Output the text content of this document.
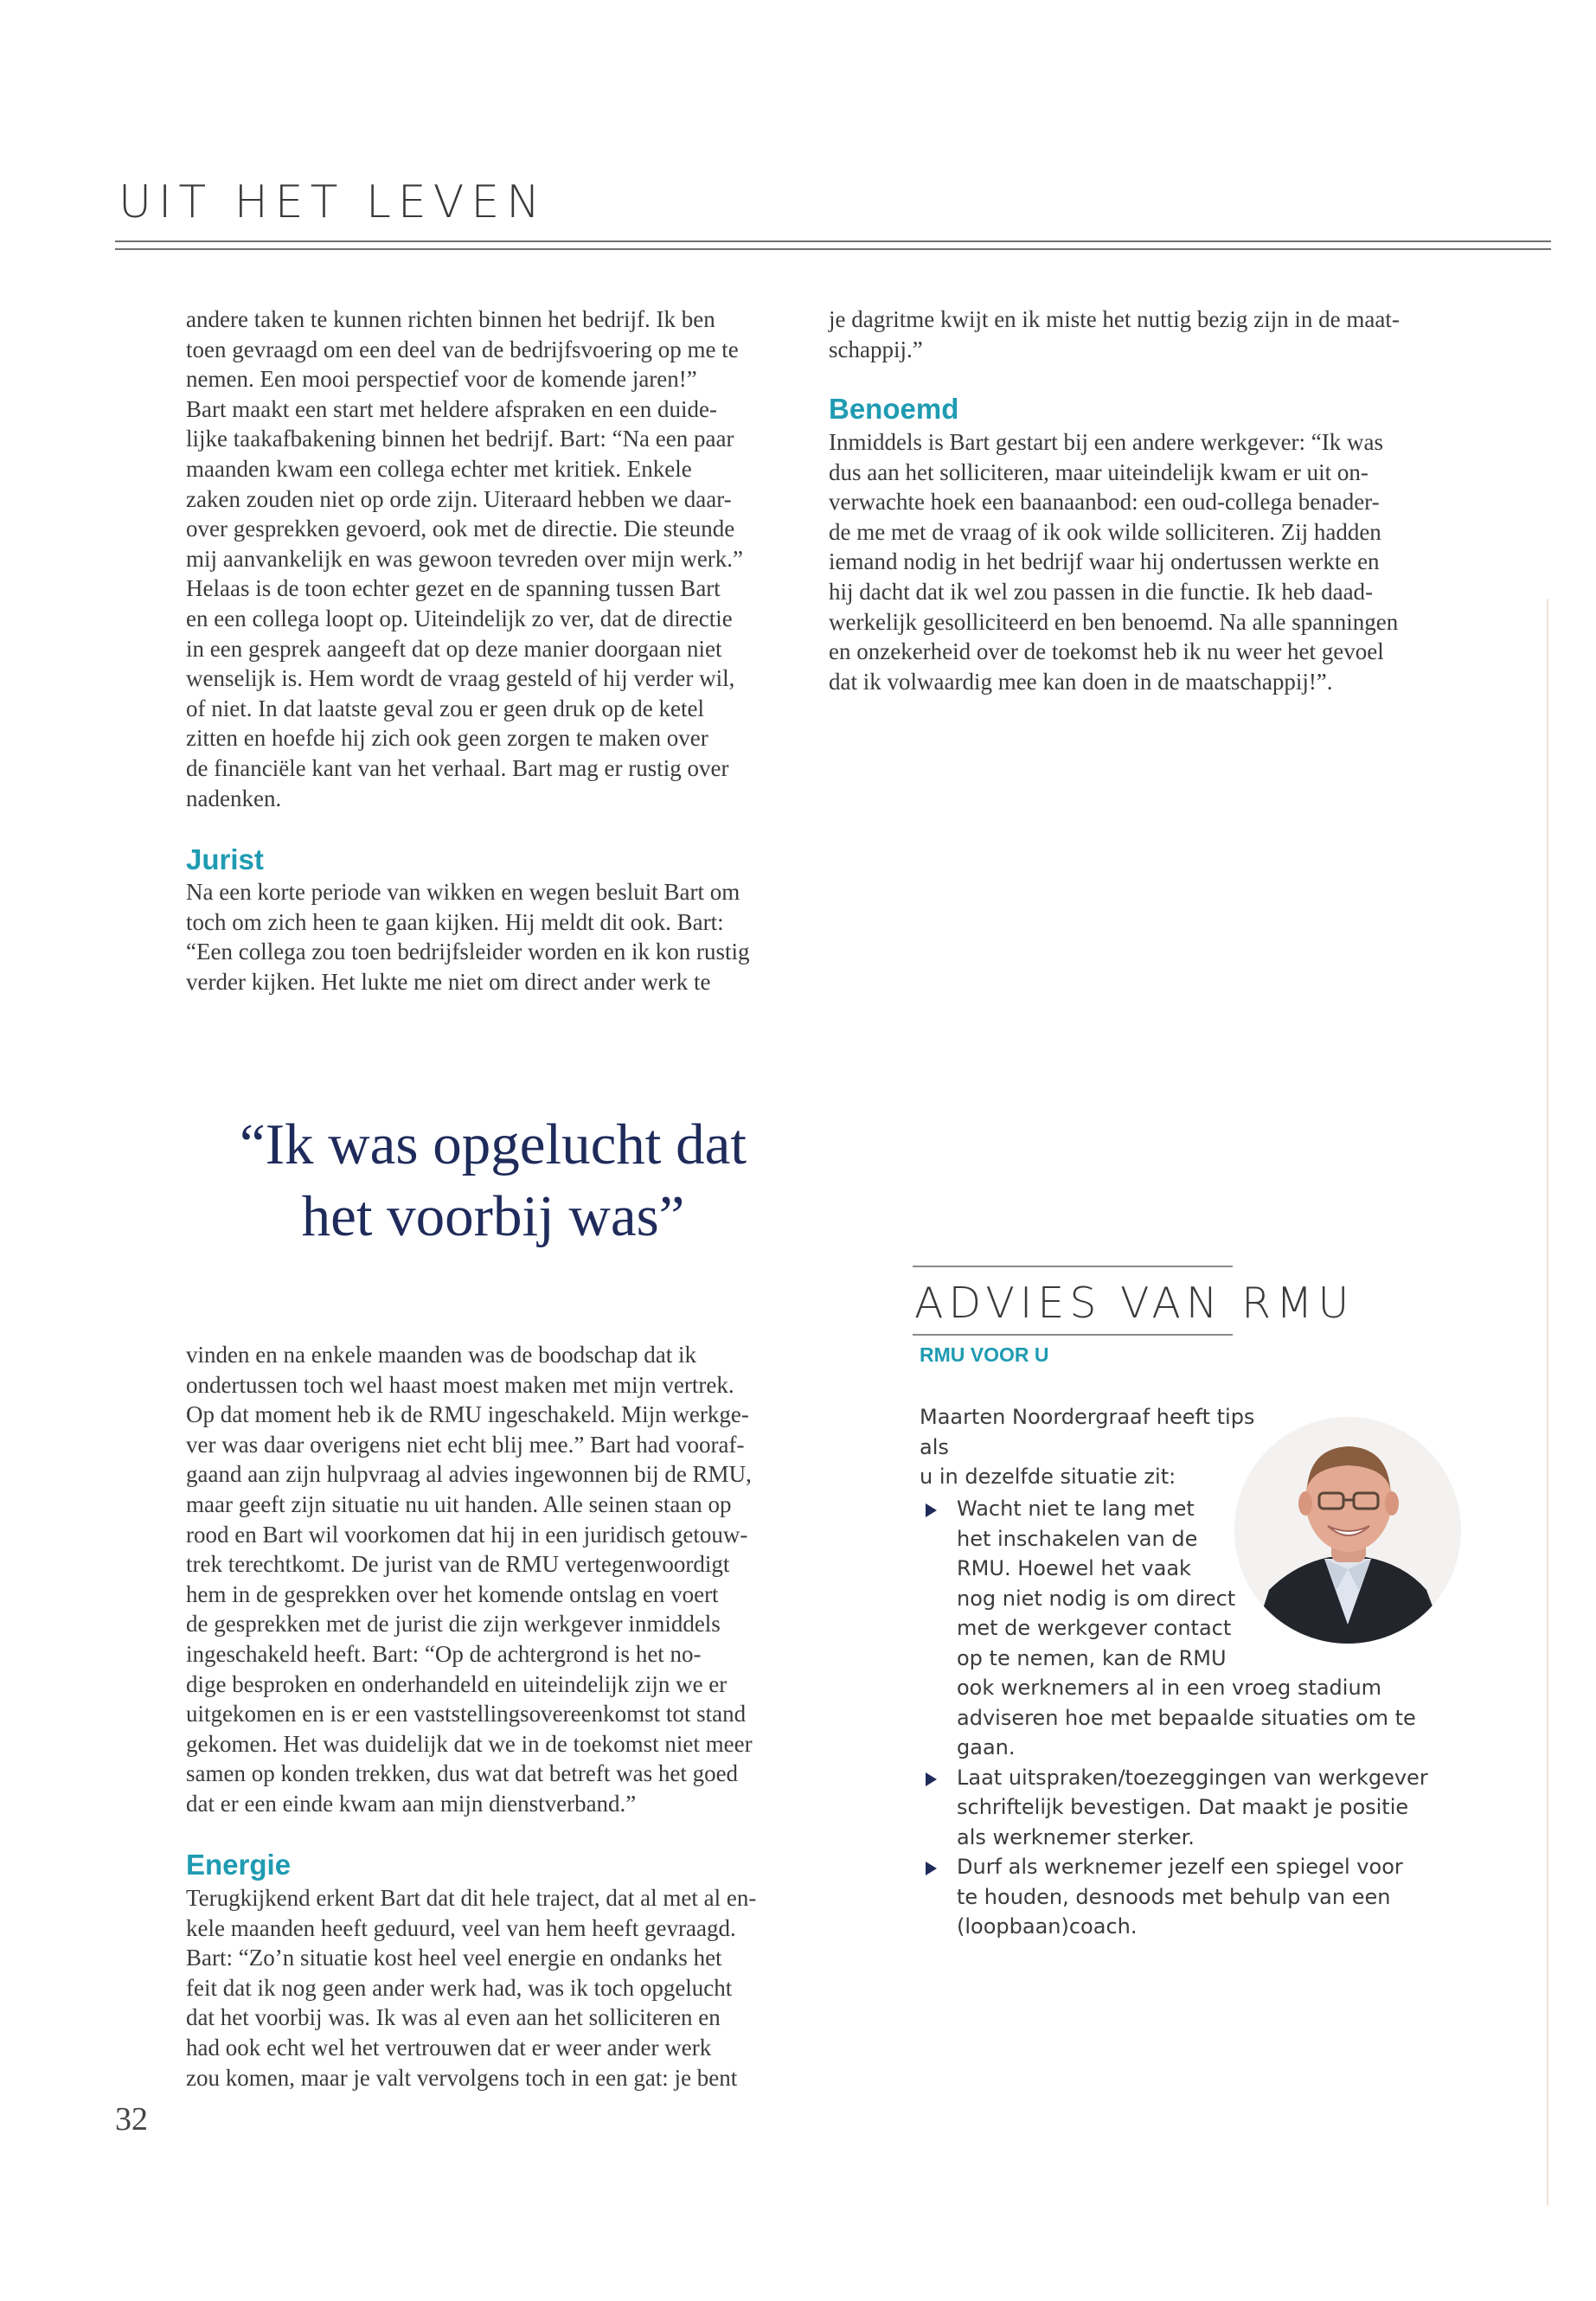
UIT HET LEVEN

andere taken te kunnen richten binnen het bedrijf. Ik ben
toen gevraagd om een deel van de bedrijfsvoering op me te
nemen. Een mooi perspectief voor de komende jaren!”
Bart maakt een start met heldere afspraken en een duide-
lijke taakafbakening binnen het bedrijf. Bart: “Na een paar
maanden kwam een collega echter met kritiek. Enkele
zaken zouden niet op orde zijn. Uiteraard hebben we daar-
over gesprekken gevoerd, ook met de directie. Die steunde
mij aanvankelijk en was gewoon tevreden over mijn werk.”
Helaas is de toon echter gezet en de spanning tussen Bart
en een collega loopt op. Uiteindelijk zo ver, dat de directie
in een gesprek aangeeft dat op deze manier doorgaan niet
wenselijk is. Hem wordt de vraag gesteld of hij verder wil,
of niet. In dat laatste geval zou er geen druk op de ketel
zitten en hoefde hij zich ook geen zorgen te maken over
de financiële kant van het verhaal. Bart mag er rustig over
nadenken.

Jurist

Na een korte periode van wikken en wegen besluit Bart om
toch om zich heen te gaan kijken. Hij meldt dit ook. Bart:
“Een collega zou toen bedrijfsleider worden en ik kon rustig
verder kijken. Het lukte me niet om direct ander werk te

“Ik was opgelucht dat
het voorbij was”

vinden en na enkele maanden was de boodschap dat ik
ondertussen toch wel haast moest maken met mijn vertrek.
Op dat moment heb ik de RMU ingeschakeld. Mijn werkge-
ver was daar overigens niet echt blij mee.” Bart had vooraf-
gaand aan zijn hulpvraag al advies ingewonnen bij de RMU,
maar geeft zijn situatie nu uit handen. Alle seinen staan op
rood en Bart wil voorkomen dat hij in een juridisch getouw-
trek terechtkomt. De jurist van de RMU vertegenwoordigt
hem in de gesprekken over het komende ontslag en voert
de gesprekken met de jurist die zijn werkgever inmiddels
ingeschakeld heeft. Bart: “Op de achtergrond is het no-
dige besproken en onderhandeld en uiteindelijk zijn we er
uitgekomen en is er een vaststellingsovereenkomst tot stand
gekomen. Het was duidelijk dat we in de toekomst niet meer
samen op konden trekken, dus wat dat betreft was het goed
dat er een einde kwam aan mijn dienstverband.”

Energie

Terugkijkend erkent Bart dat dit hele traject, dat al met al en-
kele maanden heeft geduurd, veel van hem heeft gevraagd.
Bart: “Zo’n situatie kost heel veel energie en ondanks het
feit dat ik nog geen ander werk had, was ik toch opgelucht
dat het voorbij was. Ik was al even aan het solliciteren en
had ook echt wel het vertrouwen dat er weer ander werk
zou komen, maar je valt vervolgens toch in een gat: je bent

je dagritme kwijt en ik miste het nuttig bezig zijn in de maat-
schappij.”

Benoemd

Inmiddels is Bart gestart bij een andere werkgever: “Ik was
dus aan het solliciteren, maar uiteindelijk kwam er uit on-
verwachte hoek een baanaanbod: een oud-collega benader-
de me met de vraag of ik ook wilde solliciteren. Zij hadden
iemand nodig in het bedrijf waar hij ondertussen werkte en
hij dacht dat ik wel zou passen in die functie. Ik heb daad-
werkelijk gesolliciteerd en ben benoemd. Na alle spanningen
en onzekerheid over de toekomst heb ik nu weer het gevoel
dat ik volwaardig mee kan doen in de maatschappij!”.

ADVIES VAN RMU

RMU VOOR U

Maarten Noordergraaf heeft tips als
u in dezelfde situatie zit:

Wacht niet te lang met
het inschakelen van de
RMU. Hoewel het vaak
nog niet nodig is om direct
met de werkgever contact
op te nemen, kan de RMU
ook werknemers al in een vroeg stadium
adviseren hoe met bepaalde situaties om te
gaan.
Laat uitspraken/toezeggingen van werkgever
schriftelijk bevestigen. Dat maakt je positie
als werknemer sterker.
Durf als werknemer jezelf een spiegel voor
te houden, desnoods met behulp van een
(loopbaan)coach.

32
